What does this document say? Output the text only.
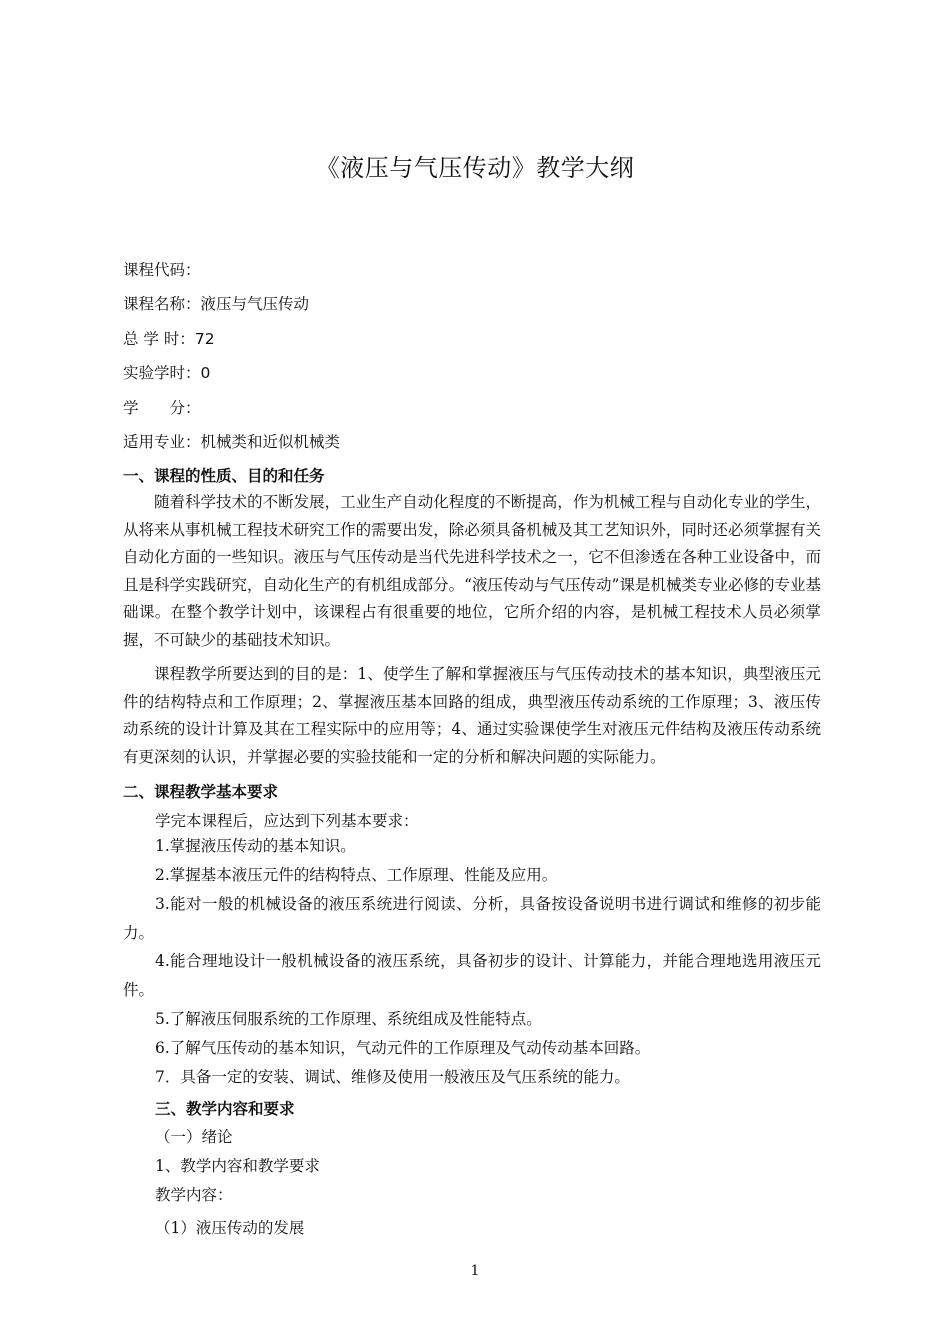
《液压与气压传动》教学大纲
课程代码：
课程名称：液压与气压传动
总 学 时：72
实验学时：0
学　　分：
适用专业：机械类和近似机械类
一、课程的性质、目的和任务

随着科学技术的不断发展，工业生产自动化程度的不断提高，作为机械工程与自动化专业的学生，从将来从事机械工程技术研究工作的需要出发，除必须具备机械及其工艺知识外，同时还必须掌握有关自动化方面的一些知识。液压与气压传动是当代先进科学技术之一，它不但渗透在各种工业设备中，而且是科学实践研究，自动化生产的有机组成部分。“液压传动与气压传动”课是机械类专业必修的专业基础课。在整个教学计划中，该课程占有很重要的地位，它所介绍的内容，是机械工程技术人员必须掌握，不可缺少的基础技术知识。

课程教学所要达到的目的是：1、使学生了解和掌握液压与气压传动技术的基本知识，典型液压元件的结构特点和工作原理；2、掌握液压基本回路的组成，典型液压传动系统的工作原理；3、液压传动系统的设计计算及其在工程实际中的应用等；4、通过实验课使学生对液压元件结构及液压传动系统有更深刻的认识，并掌握必要的实验技能和一定的分析和解决问题的实际能力。

二、课程教学基本要求
学完本课程后，应达到下列基本要求：

1.掌握液压传动的基本知识。

2.掌握基本液压元件的结构特点、工作原理、性能及应用。

3.能对一般的机械设备的液压系统进行阅读、分析，具备按设备说明书进行调试和维修的初步能力。

4.能合理地设计一般机械设备的液压系统，具备初步的设计、计算能力，并能合理地选用液压元件。

5.了解液压伺服系统的工作原理、系统组成及性能特点。

6.了解气压传动的基本知识，气动元件的工作原理及气动传动基本回路。

7．具备一定的安装、调试、维修及使用一般液压及气压系统的能力。

三、教学内容和要求
（一）绪论
1、教学内容和教学要求
教学内容：
（1）液压传动的发展
1
